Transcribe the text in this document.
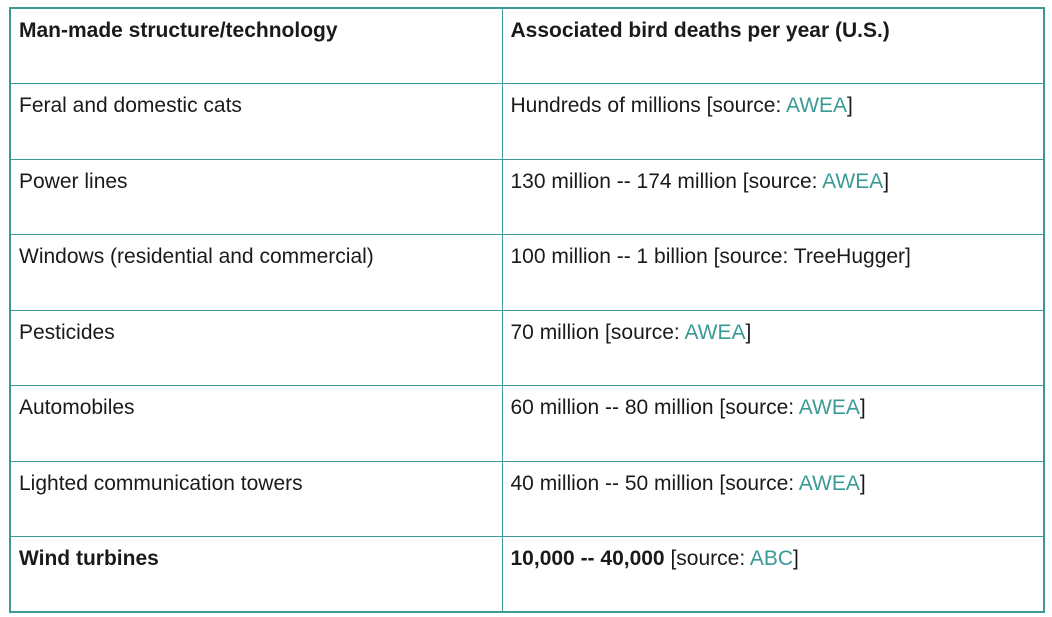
Man-made structure/technology	Associated bird deaths per year (U.S.)
Feral and domestic cats	Hundreds of millions [source: AWEA]
Power lines	130 million -- 174 million [source: AWEA]
Windows (residential and commercial)	100 million -- 1 billion [source: TreeHugger]
Pesticides	70 million [source: AWEA]
Automobiles	60 million -- 80 million [source: AWEA]
Lighted communication towers	40 million -- 50 million [source: AWEA]
Wind turbines	10,000 -- 40,000 [source: ABC]
